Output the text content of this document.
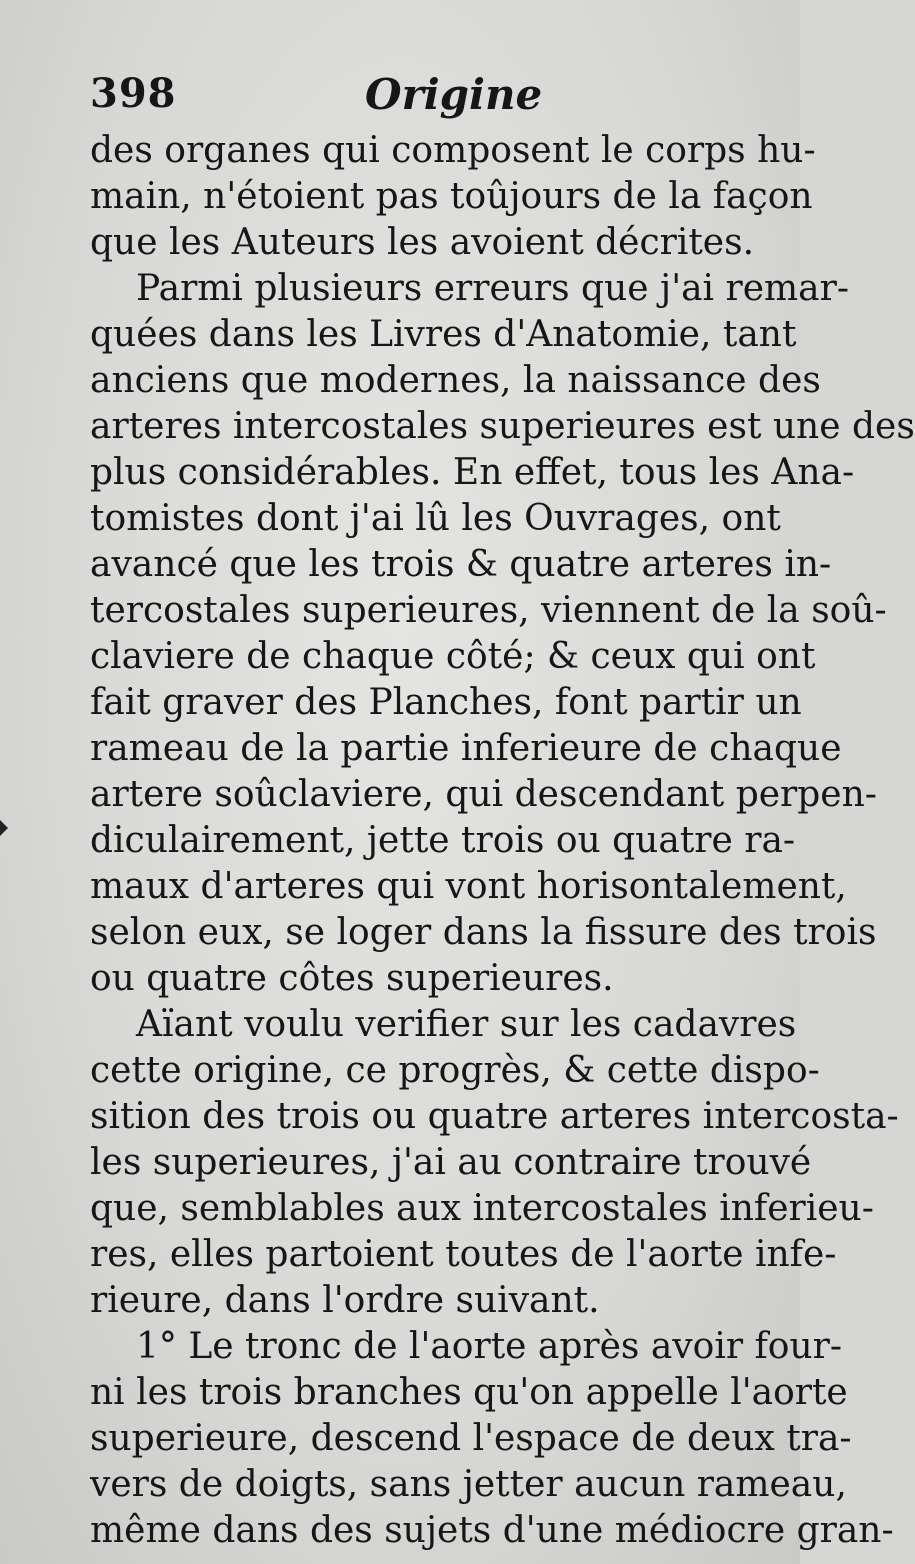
398	Origine
des organes qui composent le corps hu-
main, n'étoient pas toûjours de la façon
que les Auteurs les avoient décrites.
Parmi plusieurs erreurs que j'ai remar-
quées dans les Livres d'Anatomie, tant
anciens que modernes, la naissance des
arteres intercostales superieures est une des
plus considérables. En effet, tous les Ana-
tomistes dont j'ai lû les Ouvrages, ont
avancé que les trois & quatre arteres in-
tercostales superieures, viennent de la soû-
claviere de chaque côté; & ceux qui ont
fait graver des Planches, font partir un
rameau de la partie inferieure de chaque
artere soûclaviere, qui descendant perpen-
diculairement, jette trois ou quatre ra-
maux d'arteres qui vont horisontalement,
selon eux, se loger dans la fissure des trois
ou quatre côtes superieures.
Aïant voulu verifier sur les cadavres
cette origine, ce progrès, & cette dispo-
sition des trois ou quatre arteres intercosta-
les superieures, j'ai au contraire trouvé
que, semblables aux intercostales inferieu-
res, elles partoient toutes de l'aorte infe-
rieure, dans l'ordre suivant.
1° Le tronc de l'aorte après avoir four-
ni les trois branches qu'on appelle l'aorte
superieure, descend l'espace de deux tra-
vers de doigts, sans jetter aucun rameau,
même dans des sujets d'une médiocre gran-
